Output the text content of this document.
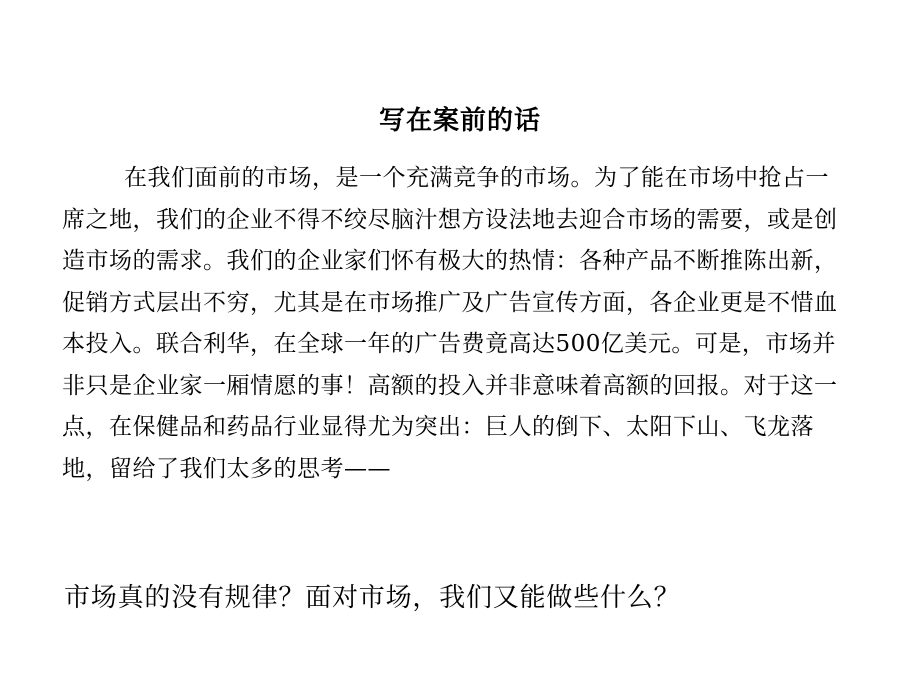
写在案前的话

在我们面前的市场，是一个充满竞争的市场。为了能在市场中抢占一席之地，我们的企业不得不绞尽脑汁想方设法地去迎合市场的需要，或是创造市场的需求。我们的企业家们怀有极大的热情：各种产品不断推陈出新，促销方式层出不穷，尤其是在市场推广及广告宣传方面，各企业更是不惜血本投入。联合利华，在全球一年的广告费竟高达500亿美元。可是，市场并非只是企业家一厢情愿的事！高额的投入并非意味着高额的回报。对于这一点，在保健品和药品行业显得尤为突出：巨人的倒下、太阳下山、飞龙落地，留给了我们太多的思考——

市场真的没有规律？面对市场，我们又能做些什么？
